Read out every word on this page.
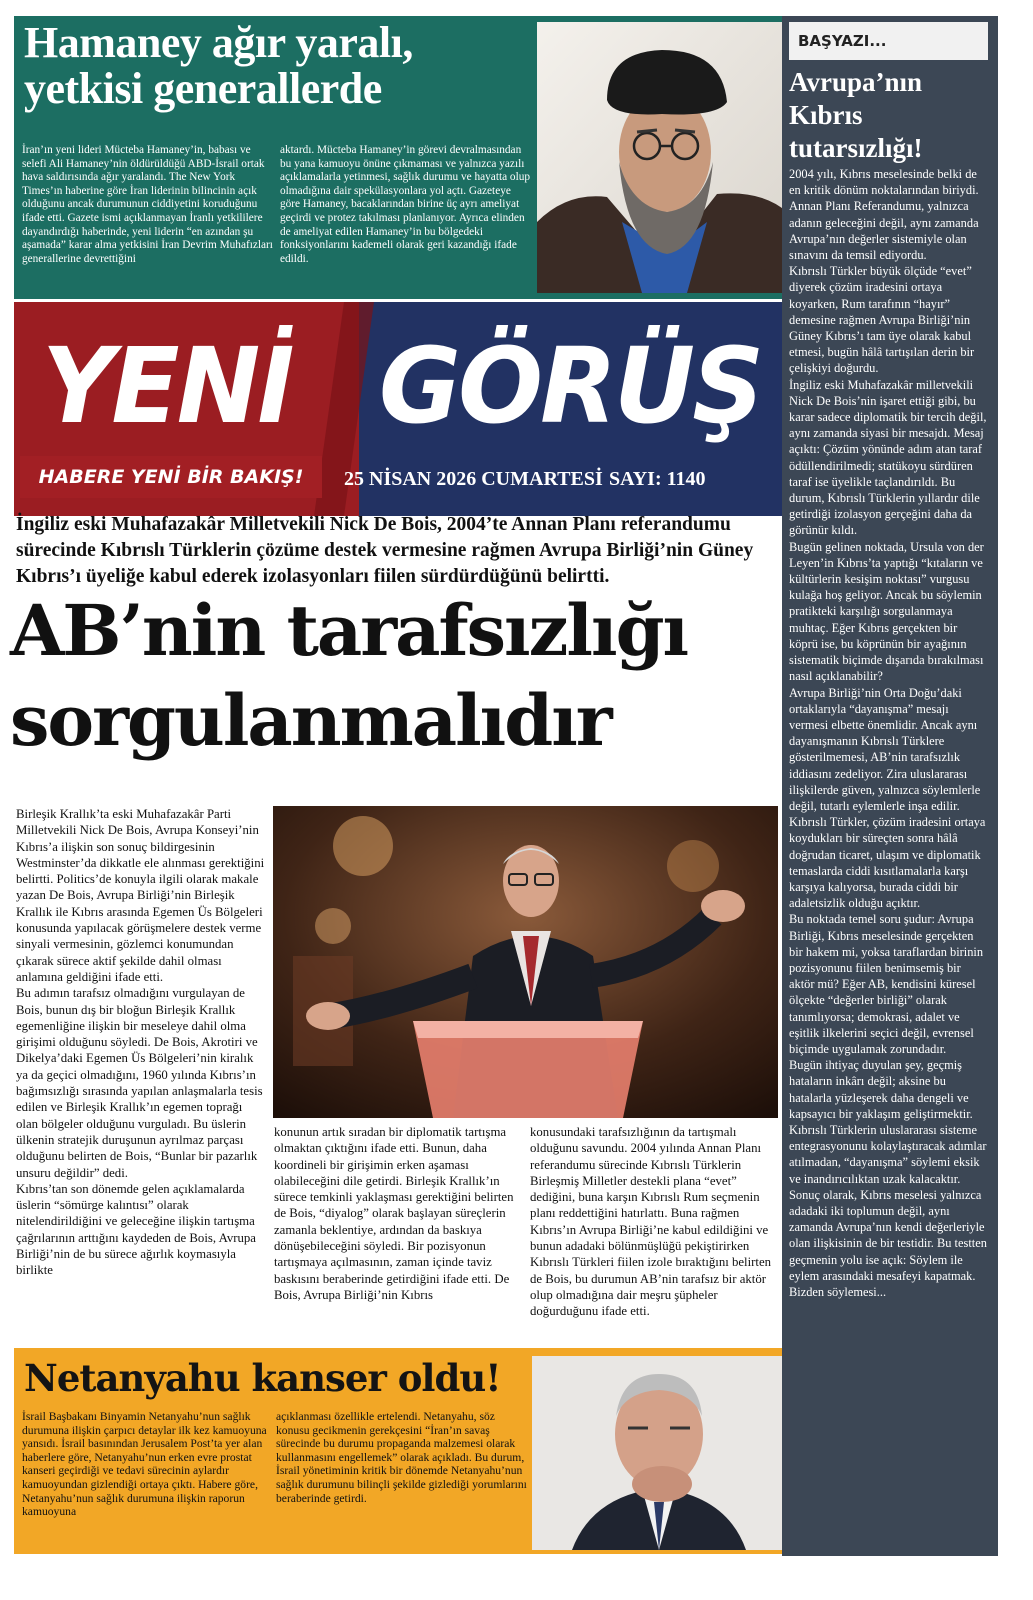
Hamaney ağır yaralı,
yetkisi generallerde
İran’ın yeni lideri Mücteba Hamaney’in, babası ve selefi Ali Hamaney’nin öldürüldüğü ABD-İsrail ortak hava saldırısında ağır yaralandı. The New York Times’ın haberine göre İran liderinin bilincinin açık olduğunu ancak durumunun ciddiyetini koruduğunu ifade etti. Gazete ismi açıklanmayan İranlı yetkililere dayandırdığı haberinde, yeni liderin “en azından şu aşamada” karar alma yetkisini İran Devrim Muhafızları generallerine devrettiğini
aktardı. Mücteba Hamaney’in görevi devralmasından bu yana kamuoyu önüne çıkmaması ve yalnızca yazılı açıklamalarla yetinmesi, sağlık durumu ve hayatta olup olmadığına dair spekülasyonlara yol açtı. Gazeteye göre Hamaney, bacaklarından birine üç ayrı ameliyat geçirdi ve protez takılması planlanıyor. Ayrıca elinden de ameliyat edilen Hamaney’in bu bölgedeki fonksiyonlarını kademeli olarak geri kazandığı ifade edildi.
YENİ GÖRÜŞ
HABERE YENİ BİR BAKIŞ!	25 NİSAN 2026 CUMARTESİ SAYI: 1140
İngiliz eski Muhafazakâr Milletvekili Nick De Bois, 2004’te Annan Planı referandumu sürecinde Kıbrıslı Türklerin çözüme destek vermesine rağmen Avrupa Birliği’nin Güney Kıbrıs’ı üyeliğe kabul ederek izolasyonları fiilen sürdürdüğünü belirtti.
AB’nin tarafsızlığı
sorgulanmalıdır
Birleşik Krallık’ta eski Muhafazakâr Parti Milletvekili Nick De Bois, Avrupa Konseyi’nin Kıbrıs’a ilişkin son sonuç bildirgesinin Westminster’da dikkatle ele alınması gerektiğini belirtti. Politics’de konuyla ilgili olarak makale yazan De Bois, Avrupa Birliği’nin Birleşik Krallık ile Kıbrıs arasında Egemen Üs Bölgeleri konusunda yapılacak görüşmelere destek verme sinyali vermesinin, gözlemci konumundan çıkarak sürece aktif şekilde dahil olması anlamına geldiğini ifade etti.
Bu adımın tarafsız olmadığını vurgulayan de Bois, bunun dış bir bloğun Birleşik Krallık egemenliğine ilişkin bir meseleye dahil olma girişimi olduğunu söyledi. De Bois, Akrotiri ve Dikelya’daki Egemen Üs Bölgeleri’nin kiralık ya da geçici olmadığını, 1960 yılında Kıbrıs’ın bağımsızlığı sırasında yapılan anlaşmalarla tesis edilen ve Birleşik Krallık’ın egemen toprağı olan bölgeler olduğunu vurguladı. Bu üslerin ülkenin stratejik duruşunun ayrılmaz parçası olduğunu belirten de Bois, “Bunlar bir pazarlık unsuru değildir” dedi.
Kıbrıs’tan son dönemde gelen açıklamalarda üslerin “sömürge kalıntısı” olarak nitelendirildiğini ve geleceğine ilişkin tartışma çağrılarının arttığını kaydeden de Bois, Avrupa Birliği’nin de bu sürece ağırlık koymasıyla birlikte
konunun artık sıradan bir diplomatik tartışma olmaktan çıktığını ifade etti. Bunun, daha koordineli bir girişimin erken aşaması olabileceğini dile getirdi. Birleşik Krallık’ın sürece temkinli yaklaşması gerektiğini belirten de Bois, “diyalog” olarak başlayan süreçlerin zamanla beklentiye, ardından da baskıya dönüşebileceğini söyledi. Bir pozisyonun tartışmaya açılmasının, zaman içinde taviz baskısını beraberinde getirdiğini ifade etti. De Bois, Avrupa Birliği’nin Kıbrıs
konusundaki tarafsızlığının da tartışmalı olduğunu savundu. 2004 yılında Annan Planı referandumu sürecinde Kıbrıslı Türklerin Birleşmiş Milletler destekli plana “evet” dediğini, buna karşın Kıbrıslı Rum seçmenin planı reddettiğini hatırlattı. Buna rağmen Kıbrıs’ın Avrupa Birliği’ne kabul edildiğini ve bunun adadaki bölünmüşlüğü pekiştirirken Kıbrıslı Türkleri fiilen izole bıraktığını belirten de Bois, bu durumun AB’nin tarafsız bir aktör olup olmadığına dair meşru şüpheler doğurduğunu ifade etti.
Netanyahu kanser oldu!
İsrail Başbakanı Binyamin Netanyahu’nun sağlık durumuna ilişkin çarpıcı detaylar ilk kez kamuoyuna yansıdı. İsrail basınından Jerusalem Post’ta yer alan haberlere göre, Netanyahu’nun erken evre prostat kanseri geçirdiği ve tedavi sürecinin aylardır kamuoyundan gizlendiği ortaya çıktı. Habere göre, Netanyahu’nun sağlık durumuna ilişkin raporun kamuoyuna
açıklanması özellikle ertelendi. Netanyahu, söz konusu gecikmenin gerekçesini “İran’ın savaş sürecinde bu durumu propaganda malzemesi olarak kullanmasını engellemek” olarak açıkladı. Bu durum, İsrail yönetiminin kritik bir dönemde Netanyahu’nun sağlık durumunu bilinçli şekilde gizlediği yorumlarını beraberinde getirdi.
BAŞYAZI...
Avrupa’nın Kıbrıs tutarsızlığı!
2004 yılı, Kıbrıs meselesinde belki de en kritik dönüm noktalarından biriydi. Annan Planı Referandumu, yalnızca adanın geleceğini değil, aynı zamanda Avrupa’nın değerler sistemiyle olan sınavını da temsil ediyordu.
Kıbrıslı Türkler büyük ölçüde “evet” diyerek çözüm iradesini ortaya koyarken, Rum tarafının “hayır” demesine rağmen Avrupa Birliği’nin Güney Kıbrıs’ı tam üye olarak kabul etmesi, bugün hâlâ tartışılan derin bir çelişkiyi doğurdu.
İngiliz eski Muhafazakâr milletvekili Nick De Bois’nin işaret ettiği gibi, bu karar sadece diplomatik bir tercih değil, aynı zamanda siyasi bir mesajdı. Mesaj açıktı: Çözüm yönünde adım atan taraf ödüllendirilmedi; statükoyu sürdüren taraf ise üyelikle taçlandırıldı. Bu durum, Kıbrıslı Türklerin yıllardır dile getirdiği izolasyon gerçeğini daha da görünür kıldı.
Bugün gelinen noktada, Ursula von der Leyen’in Kıbrıs’ta yaptığı “kıtaların ve kültürlerin kesişim noktası” vurgusu kulağa hoş geliyor. Ancak bu söylemin pratikteki karşılığı sorgulanmaya muhtaç. Eğer Kıbrıs gerçekten bir köprü ise, bu köprünün bir ayağının sistematik biçimde dışarıda bırakılması nasıl açıklanabilir?
Avrupa Birliği’nin Orta Doğu’daki ortaklarıyla “dayanışma” mesajı vermesi elbette önemlidir. Ancak aynı dayanışmanın Kıbrıslı Türklere gösterilmemesi, AB’nin tarafsızlık iddiasını zedeliyor. Zira uluslararası ilişkilerde güven, yalnızca söylemlerle değil, tutarlı eylemlerle inşa edilir. Kıbrıslı Türkler, çözüm iradesini ortaya koydukları bir süreçten sonra hâlâ doğrudan ticaret, ulaşım ve diplomatik temaslarda ciddi kısıtlamalarla karşı karşıya kalıyorsa, burada ciddi bir adaletsizlik olduğu açıktır.
Bu noktada temel soru şudur: Avrupa Birliği, Kıbrıs meselesinde gerçekten bir hakem mi, yoksa taraflardan birinin pozisyonunu fiilen benimsemiş bir aktör mü? Eğer AB, kendisini küresel ölçekte “değerler birliği” olarak tanımlıyorsa; demokrasi, adalet ve eşitlik ilkelerini seçici değil, evrensel biçimde uygulamak zorundadır.
Bugün ihtiyaç duyulan şey, geçmiş hataların inkârı değil; aksine bu hatalarla yüzleşerek daha dengeli ve kapsayıcı bir yaklaşım geliştirmektir. Kıbrıslı Türklerin uluslararası sisteme entegrasyonunu kolaylaştıracak adımlar atılmadan, “dayanışma” söylemi eksik ve inandırıcılıktan uzak kalacaktır.
Sonuç olarak, Kıbrıs meselesi yalnızca adadaki iki toplumun değil, aynı zamanda Avrupa’nın kendi değerleriyle olan ilişkisinin de bir testidir. Bu testten geçmenin yolu ise açık: Söylem ile eylem arasındaki mesafeyi kapatmak. Bizden söylemesi...
